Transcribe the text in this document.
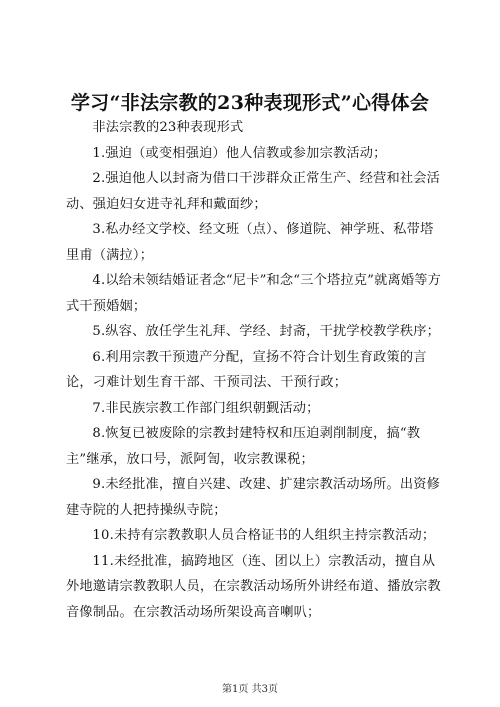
学习“非法宗教的23种表现形式”心得体会

非法宗教的23种表现形式

1.强迫（或变相强迫）他人信教或参加宗教活动；

2.强迫他人以封斋为借口干涉群众正常生产、经营和社会活动、强迫妇女进寺礼拜和戴面纱；

3.私办经文学校、经文班（点）、修道院、神学班、私带塔里甫（满拉）；

4.以给未领结婚证者念“尼卡”和念“三个塔拉克”就离婚等方式干预婚姻；

5.纵容、放任学生礼拜、学经、封斋，干扰学校教学秩序；

6.利用宗教干预遗产分配，宣扬不符合计划生育政策的言论，刁难计划生育干部、干预司法、干预行政；

7.非民族宗教工作部门组织朝觐活动；

8.恢复已被废除的宗教封建特权和压迫剥削制度，搞“教主”继承，放口号，派阿訇，收宗教课税；

9.未经批准，擅自兴建、改建、扩建宗教活动场所。出资修建寺院的人把持操纵寺院；

10.未持有宗教教职人员合格证书的人组织主持宗教活动；

11.未经批准，搞跨地区（连、团以上）宗教活动，擅自从外地邀请宗教教职人员，在宗教活动场所外讲经布道、播放宗教音像制品。在宗教活动场所架设高音喇叭；

第1页 共3页
